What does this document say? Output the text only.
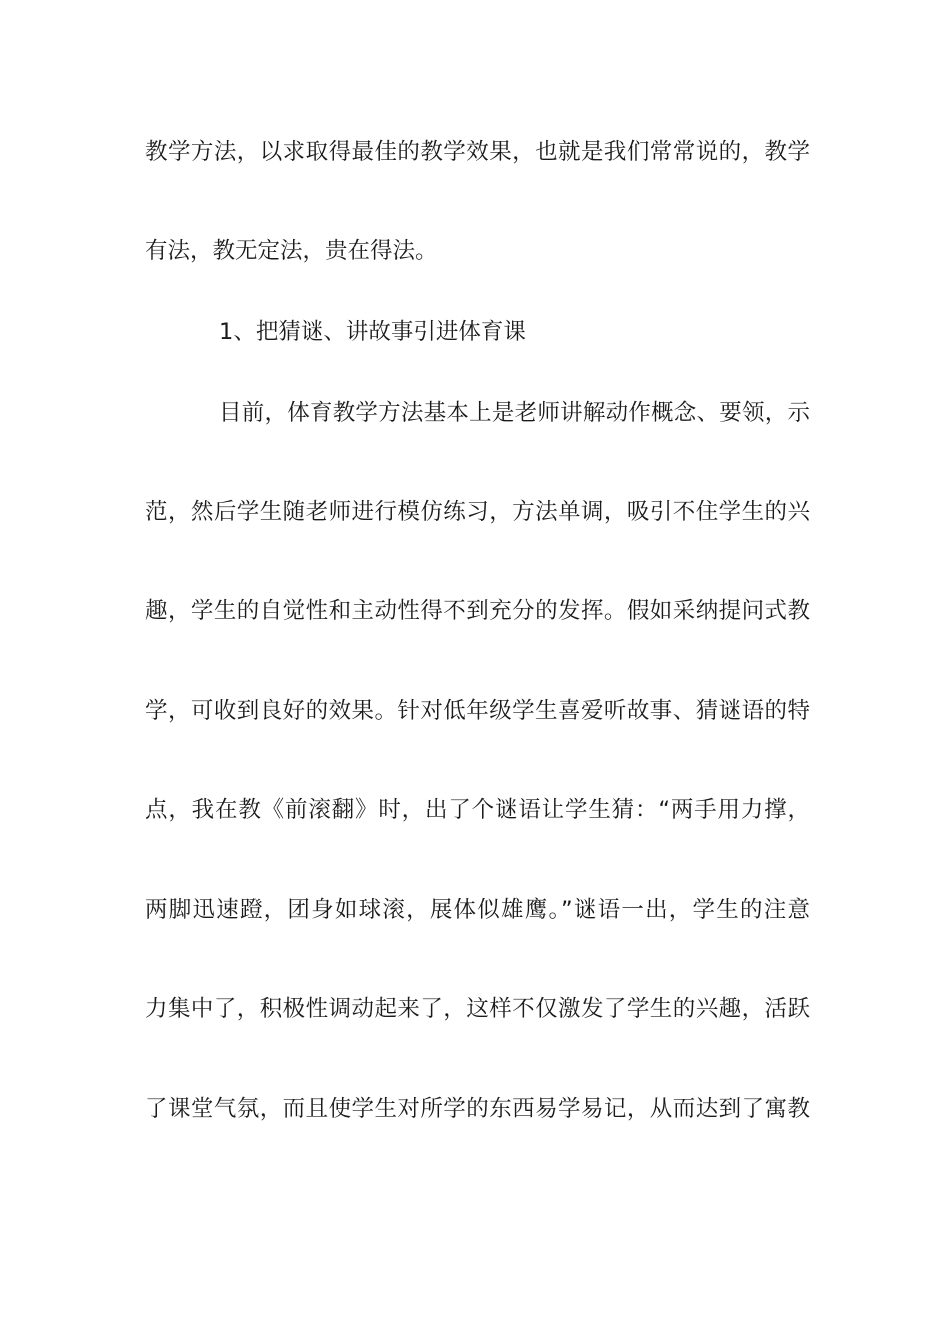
教学方法，以求取得最佳的教学效果，也就是我们常常说的，教学
有法，教无定法，贵在得法。
1、把猜谜、讲故事引进体育课
目前，体育教学方法基本上是老师讲解动作概念、要领，示
范，然后学生随老师进行模仿练习，方法单调，吸引不住学生的兴
趣，学生的自觉性和主动性得不到充分的发挥。假如采纳提问式教
学，可收到良好的效果。针对低年级学生喜爱听故事、猜谜语的特
点，我在教《前滚翻》时，出了个谜语让学生猜：“两手用力撑，
两脚迅速蹬，团身如球滚，展体似雄鹰。”谜语一出，学生的注意
力集中了，积极性调动起来了，这样不仅激发了学生的兴趣，活跃
了课堂气氛，而且使学生对所学的东西易学易记，从而达到了寓教
